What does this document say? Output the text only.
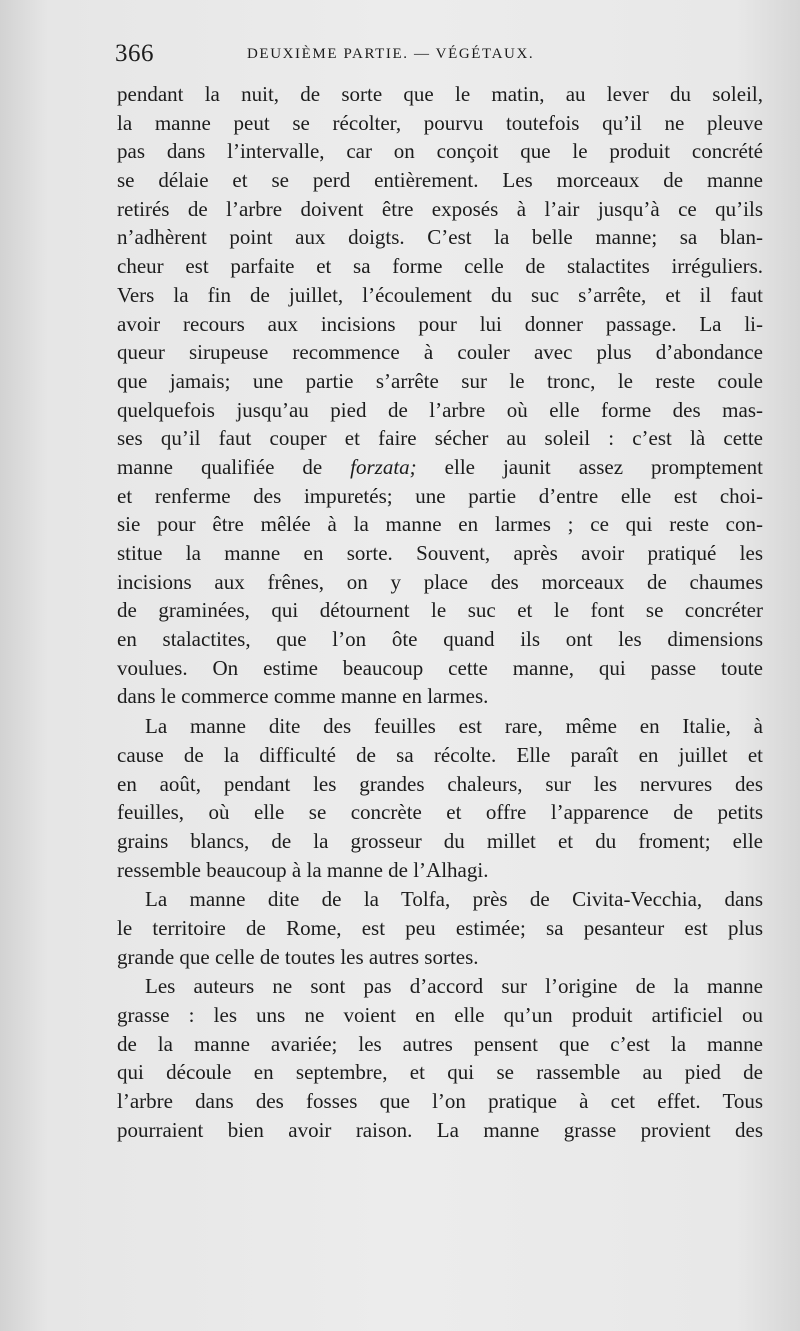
366	DEUXIÈME PARTIE. — VÉGÉTAUX.
pendant la nuit, de sorte que le matin, au lever du soleil,
la manne peut se récolter, pourvu toutefois qu’il ne pleuve
pas dans l’intervalle, car on conçoit que le produit concrété
se délaie et se perd entièrement. Les morceaux de manne
retirés de l’arbre doivent être exposés à l’air jusqu’à ce qu’ils
n’adhèrent point aux doigts. C’est la belle manne; sa blan-
cheur est parfaite et sa forme celle de stalactites irréguliers.
Vers la fin de juillet, l’écoulement du suc s’arrête, et il faut
avoir recours aux incisions pour lui donner passage. La li-
queur sirupeuse recommence à couler avec plus d’abondance
que jamais; une partie s’arrête sur le tronc, le reste coule
quelquefois jusqu’au pied de l’arbre où elle forme des mas-
ses qu’il faut couper et faire sécher au soleil : c’est là cette
manne qualifiée de forzata; elle jaunit assez promptement
et renferme des impuretés; une partie d’entre elle est choi-
sie pour être mêlée à la manne en larmes ; ce qui reste con-
stitue la manne en sorte. Souvent, après avoir pratiqué les
incisions aux frênes, on y place des morceaux de chaumes
de graminées, qui détournent le suc et le font se concréter
en stalactites, que l’on ôte quand ils ont les dimensions
voulues. On estime beaucoup cette manne, qui passe toute
dans le commerce comme manne en larmes.
La manne dite des feuilles est rare, même en Italie, à
cause de la difficulté de sa récolte. Elle paraît en juillet et
en août, pendant les grandes chaleurs, sur les nervures des
feuilles, où elle se concrète et offre l’apparence de petits
grains blancs, de la grosseur du millet et du froment; elle
ressemble beaucoup à la manne de l’Alhagi.
La manne dite de la Tolfa, près de Civita-Vecchia, dans
le territoire de Rome, est peu estimée; sa pesanteur est plus
grande que celle de toutes les autres sortes.
Les auteurs ne sont pas d’accord sur l’origine de la manne
grasse : les uns ne voient en elle qu’un produit artificiel ou
de la manne avariée; les autres pensent que c’est la manne
qui découle en septembre, et qui se rassemble au pied de
l’arbre dans des fosses que l’on pratique à cet effet. Tous
pourraient bien avoir raison. La manne grasse provient des
